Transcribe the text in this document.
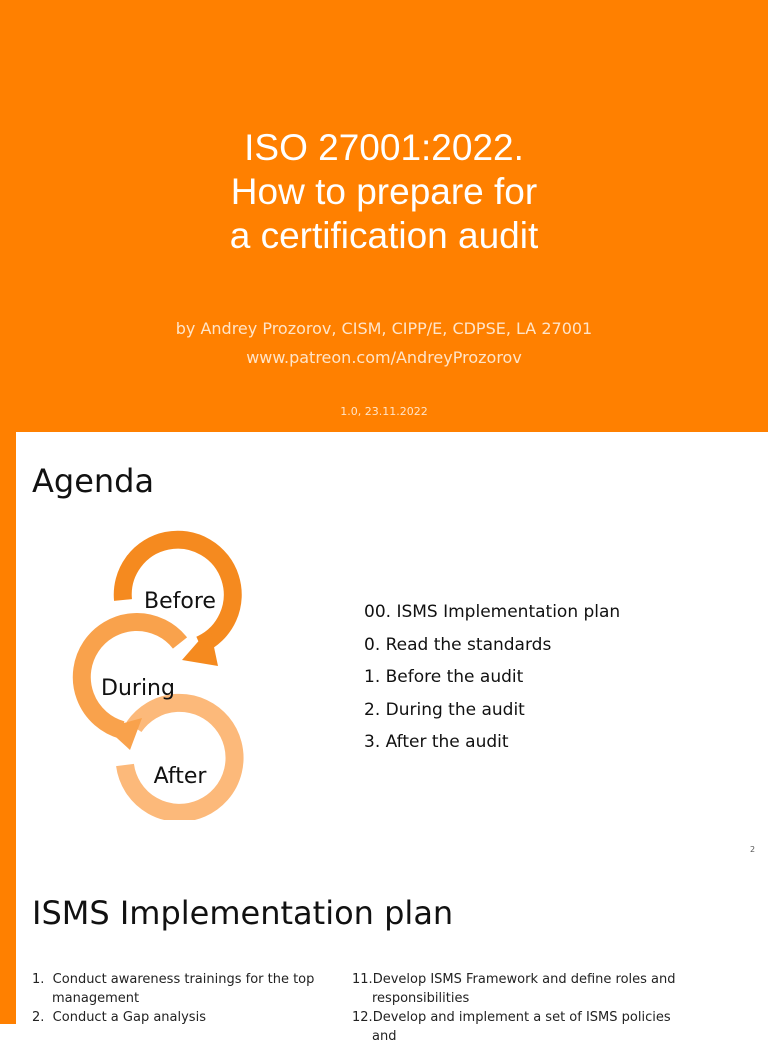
ISO 27001:2022.
How to prepare for
a certification audit
by Andrey Prozorov, CISM, CIPP/E, CDPSE, LA 27001
www.patreon.com/AndreyProzorov
1.0, 23.11.2022
Agenda
Before
During
After
00. ISMS Implementation plan
0. Read the standards
1. Before the audit
2. During the audit
3. After the audit
2
ISMS Implementation plan
1. Conduct awareness trainings for the top management
2. Conduct a Gap analysis
11.Develop ISMS Framework and define roles and responsibilities
12.Develop and implement a set of ISMS policies and
